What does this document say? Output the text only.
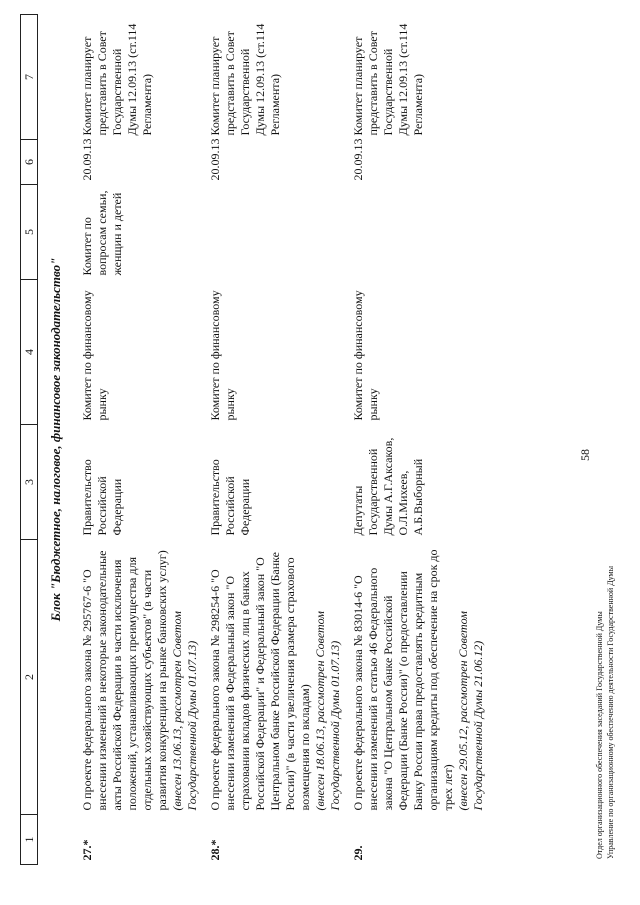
1	2	3	4	5	6	7
Блок "Бюджетное, налоговое, финансовое законодательство"						
27.*	О проекте федерального закона № 295767-6 "О внесении изменений в некоторые законодательные акты Российской Федерации в части исключения положений, устанавливающих преимущества для отдельных хозяйствующих субъектов" (в части развития конкуренции на рынке банковских услуг) (внесен 13.06.13, рассмотрен Советом Государственной Думы 01.07.13)	Правительство Российской Федерации	Комитет по финансовому рынку	Комитет по вопросам семьи, женщин и детей	20.09.13	Комитет планирует представить в Совет Государственной Думы 12.09.13 (ст.114 Регламента)
28.*	О проекте федерального закона № 298254-6 "О внесении изменений в Федеральный закон "О страховании вкладов физических лиц в банках Российской Федерации" и Федеральный закон "О Центральном банке Российской Федерации (Банке России)" (в части увеличения размера страхового возмещения по вкладам) (внесен 18.06.13, рассмотрен Советом Государственной Думы 01.07.13)	Правительство Российской Федерации	Комитет по финансовому рынку		20.09.13	Комитет планирует представить в Совет Государственной Думы 12.09.13 (ст.114 Регламента)
29.	О проекте федерального закона № 83014-6 "О внесении изменений в статью 46 Федерального закона "О Центральном банке Российской Федерации (Банке России)" (о предоставлении Банку России права предоставлять кредитным организациям кредиты под обеспечение на срок до трех лет) (внесен 29.05.12, рассмотрен Советом Государственной Думы 21.06.12)	Депутаты Государственной Думы А.Г.Аксаков, О.Л.Михеев, А.Б.Выборный	Комитет по финансовому рынку		20.09.13	Комитет планирует представить в Совет Государственной Думы 12.09.13 (ст.114 Регламента)
58
Отдел организационного обеспечения заседаний Государственной Думы Управление по организационному обеспечению деятельности Государственной Думы
